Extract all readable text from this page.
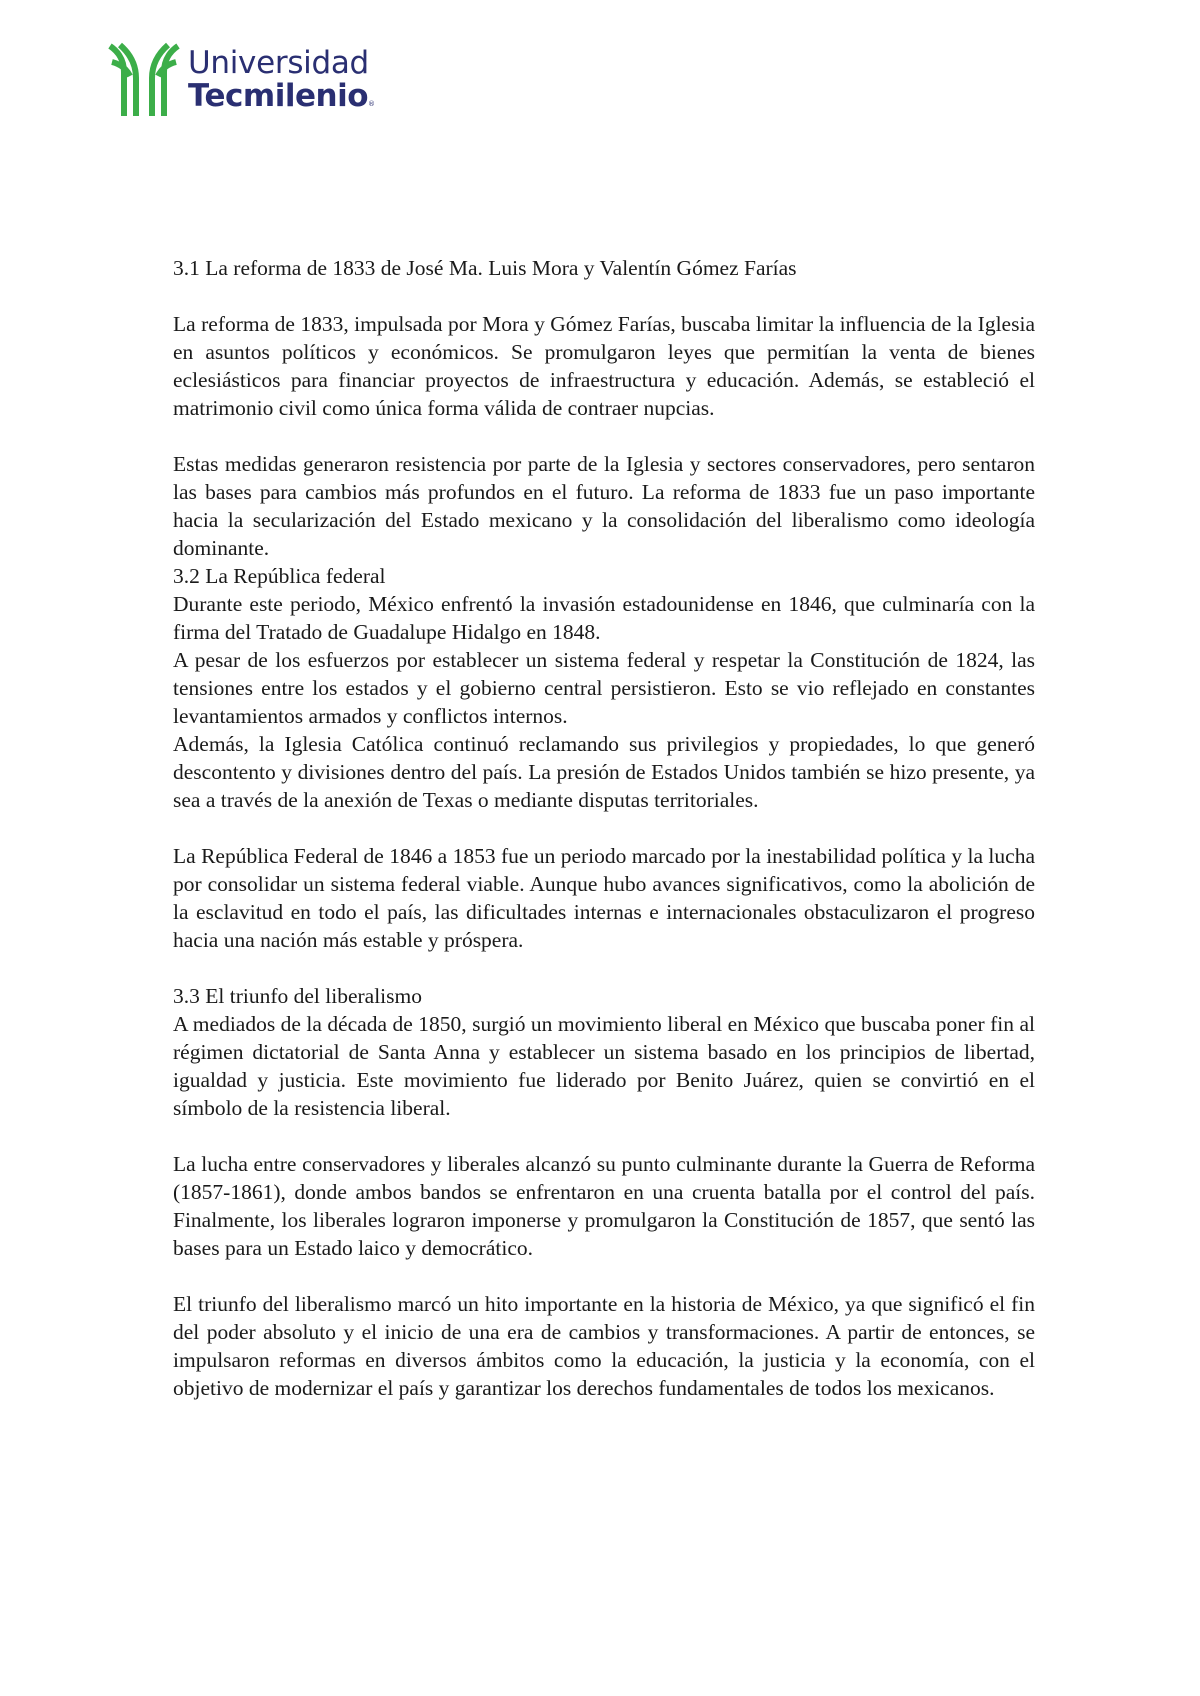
Universidad
Tecmilenio®

3.1 La reforma de 1833 de José Ma. Luis Mora y Valentín Gómez Farías

La reforma de 1833, impulsada por Mora y Gómez Farías, buscaba limitar la influencia de la Iglesia en asuntos políticos y económicos. Se promulgaron leyes que permitían la venta de bienes eclesiásticos para financiar proyectos de infraestructura y educación. Además, se estableció el matrimonio civil como única forma válida de contraer nupcias.

Estas medidas generaron resistencia por parte de la Iglesia y sectores conservadores, pero sentaron las bases para cambios más profundos en el futuro. La reforma de 1833 fue un paso importante hacia la secularización del Estado mexicano y la consolidación del liberalismo como ideología dominante.

3.2 La República federal

Durante este periodo, México enfrentó la invasión estadounidense en 1846, que culminaría con la firma del Tratado de Guadalupe Hidalgo en 1848.

A pesar de los esfuerzos por establecer un sistema federal y respetar la Constitución de 1824, las tensiones entre los estados y el gobierno central persistieron. Esto se vio reflejado en constantes levantamientos armados y conflictos internos.

Además, la Iglesia Católica continuó reclamando sus privilegios y propiedades, lo que generó descontento y divisiones dentro del país. La presión de Estados Unidos también se hizo presente, ya sea a través de la anexión de Texas o mediante disputas territoriales.

La República Federal de 1846 a 1853 fue un periodo marcado por la inestabilidad política y la lucha por consolidar un sistema federal viable. Aunque hubo avances significativos, como la abolición de la esclavitud en todo el país, las dificultades internas e internacionales obstaculizaron el progreso hacia una nación más estable y próspera.

3.3 El triunfo del liberalismo

A mediados de la década de 1850, surgió un movimiento liberal en México que buscaba poner fin al régimen dictatorial de Santa Anna y establecer un sistema basado en los principios de libertad, igualdad y justicia. Este movimiento fue liderado por Benito Juárez, quien se convirtió en el símbolo de la resistencia liberal.

La lucha entre conservadores y liberales alcanzó su punto culminante durante la Guerra de Reforma (1857-1861), donde ambos bandos se enfrentaron en una cruenta batalla por el control del país. Finalmente, los liberales lograron imponerse y promulgaron la Constitución de 1857, que sentó las bases para un Estado laico y democrático.

El triunfo del liberalismo marcó un hito importante en la historia de México, ya que significó el fin del poder absoluto y el inicio de una era de cambios y transformaciones. A partir de entonces, se impulsaron reformas en diversos ámbitos como la educación, la justicia y la economía, con el objetivo de modernizar el país y garantizar los derechos fundamentales de todos los mexicanos.
